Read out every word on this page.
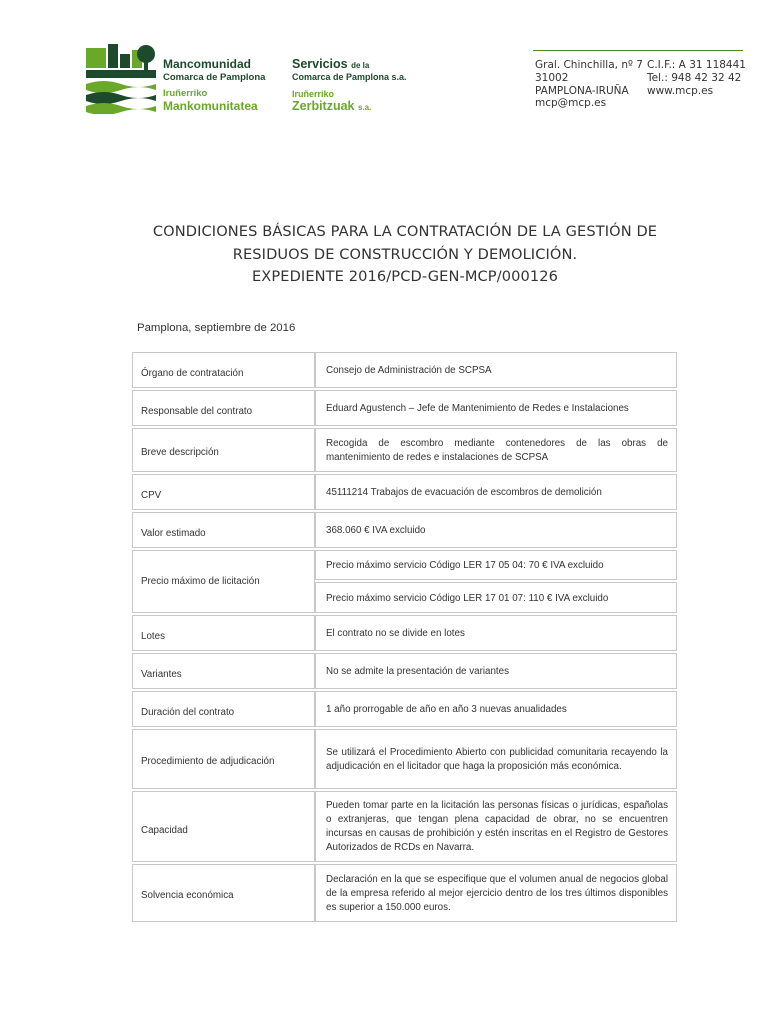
Mancomunidad
Comarca de Pamplona
Iruñerriko
Mankomunitatea
Servicios de la
Comarca de Pamplona s.a.
Iruñerriko
Zerbitzuak s.a.
Gral. Chinchilla, nº 7
31002
PAMPLONA-IRUÑA
mcp@mcp.es
C.I.F.: A 31 118441
Tel.: 948 42 32 42
www.mcp.es
CONDICIONES BÁSICAS PARA LA CONTRATACIÓN DE LA GESTIÓN DE
RESIDUOS DE CONSTRUCCIÓN Y DEMOLICIÓN.
EXPEDIENTE 2016/PCD-GEN-MCP/000126
Pamplona, septiembre de 2016
Órgano de contratación	Consejo de Administración de SCPSA

Responsable del contrato	Eduard Agustench – Jefe de Mantenimiento de Redes e Instalaciones

Breve descripción	Recogida de escombro mediante contenedores de las obras de mantenimiento de redes e instalaciones de SCPSA

CPV	45111214 Trabajos de evacuación de escombros de demolición

Valor estimado	368.060 € IVA excluido

Precio máximo de licitación	Precio máximo servicio Código LER 17 05 04: 70 € IVA excluido

	Precio máximo servicio Código LER 17 01 07: 110 € IVA excluido

Lotes	El contrato no se divide en lotes

Variantes	No se admite la presentación de variantes

Duración del contrato	1 año prorrogable de año en año 3 nuevas anualidades

Procedimiento de adjudicación	Se utilizará el Procedimiento Abierto con publicidad comunitaria recayendo la adjudicación en el licitador que haga la proposición más económica.

Capacidad	Pueden tomar parte en la licitación las personas físicas o jurídicas, españolas o extranjeras, que tengan plena capacidad de obrar, no se encuentren incursas en causas de prohibición y estén inscritas en el Registro de Gestores Autorizados de RCDs en Navarra.

Solvencia económica	Declaración en la que se especifique que el volumen anual de negocios global de la empresa referido al mejor ejercicio dentro de los tres últimos disponibles es superior a 150.000 euros.
